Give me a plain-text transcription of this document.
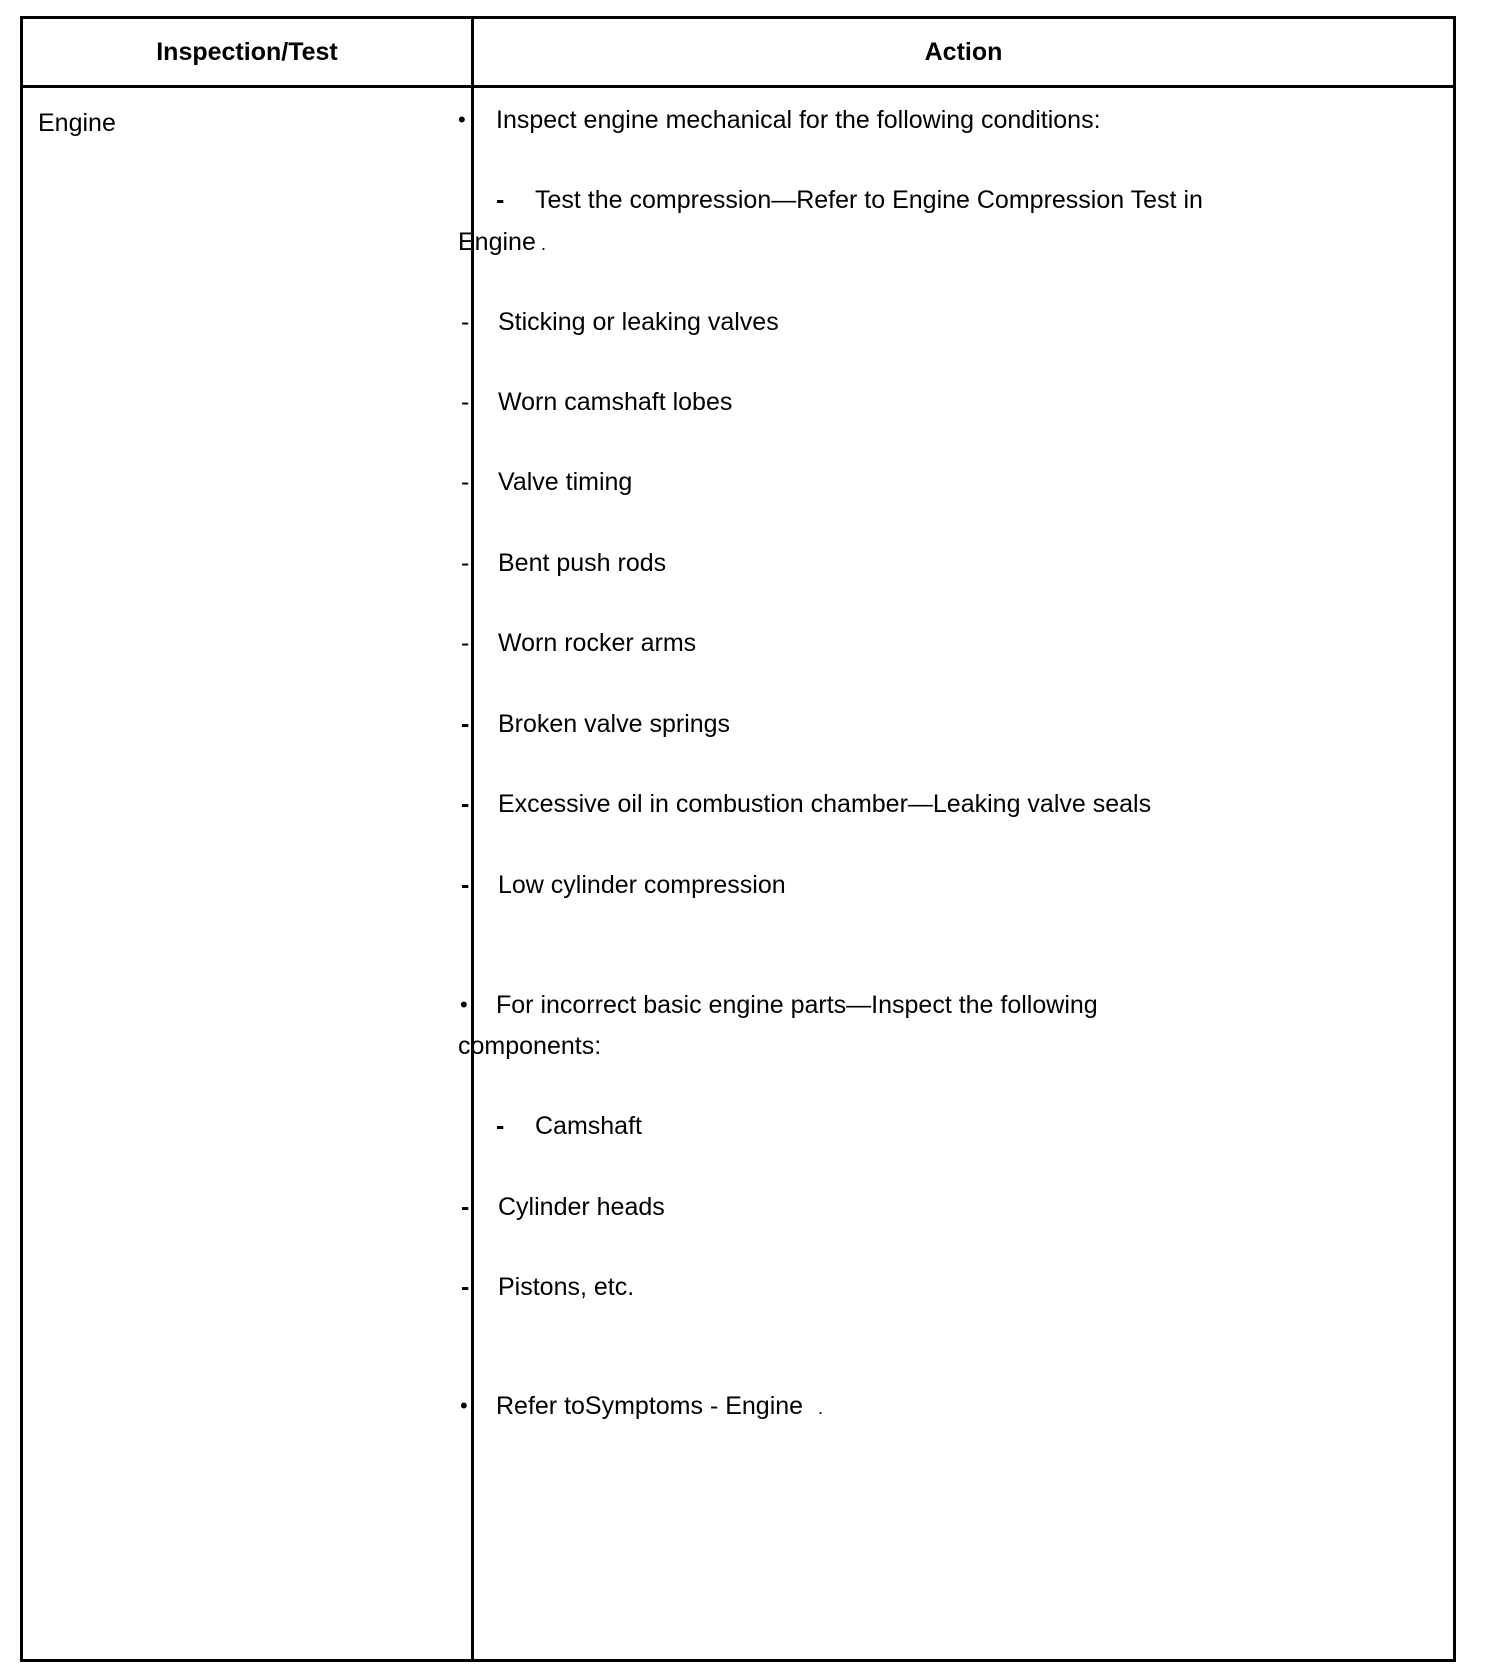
Inspection/Test	Action
Engine	• Inspect engine mechanical for the following conditions:
- Test the compression—Refer to Engine Compression Test in
Engine .
- Sticking or leaking valves
- Worn camshaft lobes
- Valve timing
- Bent push rods
- Worn rocker arms
- Broken valve springs
- Excessive oil in combustion chamber—Leaking valve seals
- Low cylinder compression
• For incorrect basic engine parts—Inspect the following
components:
- Camshaft
- Cylinder heads
- Pistons, etc.
• Refer toSymptoms - Engine .
